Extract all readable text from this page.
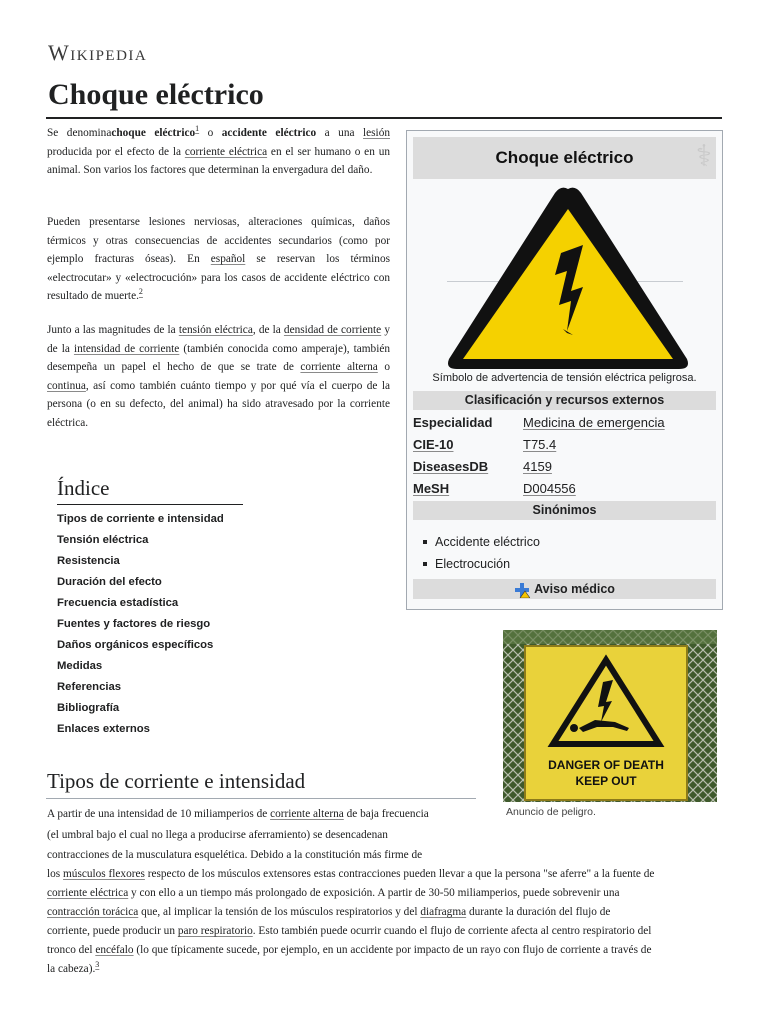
Wikipedia
Choque eléctrico
Se denominachoque eléctrico$^1$ o accidente eléctrico a una lesión producida por el efecto de la corriente eléctrica en el ser humano o en un animal. Son varios los factores que determinan la envergadura del daño.
Pueden presentarse lesiones nerviosas, alteraciones químicas, daños térmicos y otras consecuencias de accidentes secundarios (como por ejemplo fracturas óseas). En español se reservan los términos «electrocutar» y «electrocución» para los casos de accidente eléctrico con resultado de muerte.$^2$
Junto a las magnitudes de la tensión eléctrica, de la densidad de corriente y de la intensidad de corriente (también conocida como amperaje), también desempeña un papel el hecho de que se trate de corriente alterna o continua, así como también cuánto tiempo y por qué vía el cuerpo de la persona (o en su defecto, del animal) ha sido atravesado por la corriente eléctrica.
Choque eléctrico	⚕
Símbolo de advertencia de tensión eléctrica peligrosa.
Clasificación y recursos externos
Especialidad Medicina de emergencia
CIE-10	T75.4
DiseasesDB	4159
MeSH	D004556
Sinónimos
Accidente eléctrico
Electrocución
Aviso médico
Índice
Tipos de corriente e intensidad
Tensión eléctrica
Resistencia
Duración del efecto
Frecuencia estadística
Fuentes y factores de riesgo
Daños orgánicos específicos
Medidas
Referencias
Bibliografía
Enlaces externos
DANGER OF DEATH
KEEP OUT
Anuncio de peligro.
Tipos de corriente e intensidad
A partir de una intensidad de 10 miliamperios de corriente alterna de baja frecuencia
(el umbral bajo el cual no llega a producirse aferramiento) se desencadenan
contracciones de la musculatura esquelética. Debido a la constitución más firme de
los músculos flexores respecto de los músculos extensores estas contracciones pueden llevar a que la persona "se aferre" a la fuente de
corriente eléctrica y con ello a un tiempo más prolongado de exposición. A partir de 30-50 miliamperios, puede sobrevenir una
contracción torácica que, al implicar la tensión de los músculos respiratorios y del diafragma durante la duración del flujo de
corriente, puede producir un paro respiratorio. Esto también puede ocurrir cuando el flujo de corriente afecta al centro respiratorio del
tronco del encéfalo (lo que típicamente sucede, por ejemplo, en un accidente por impacto de un rayo con flujo de corriente a través de
la cabeza).$^3$
